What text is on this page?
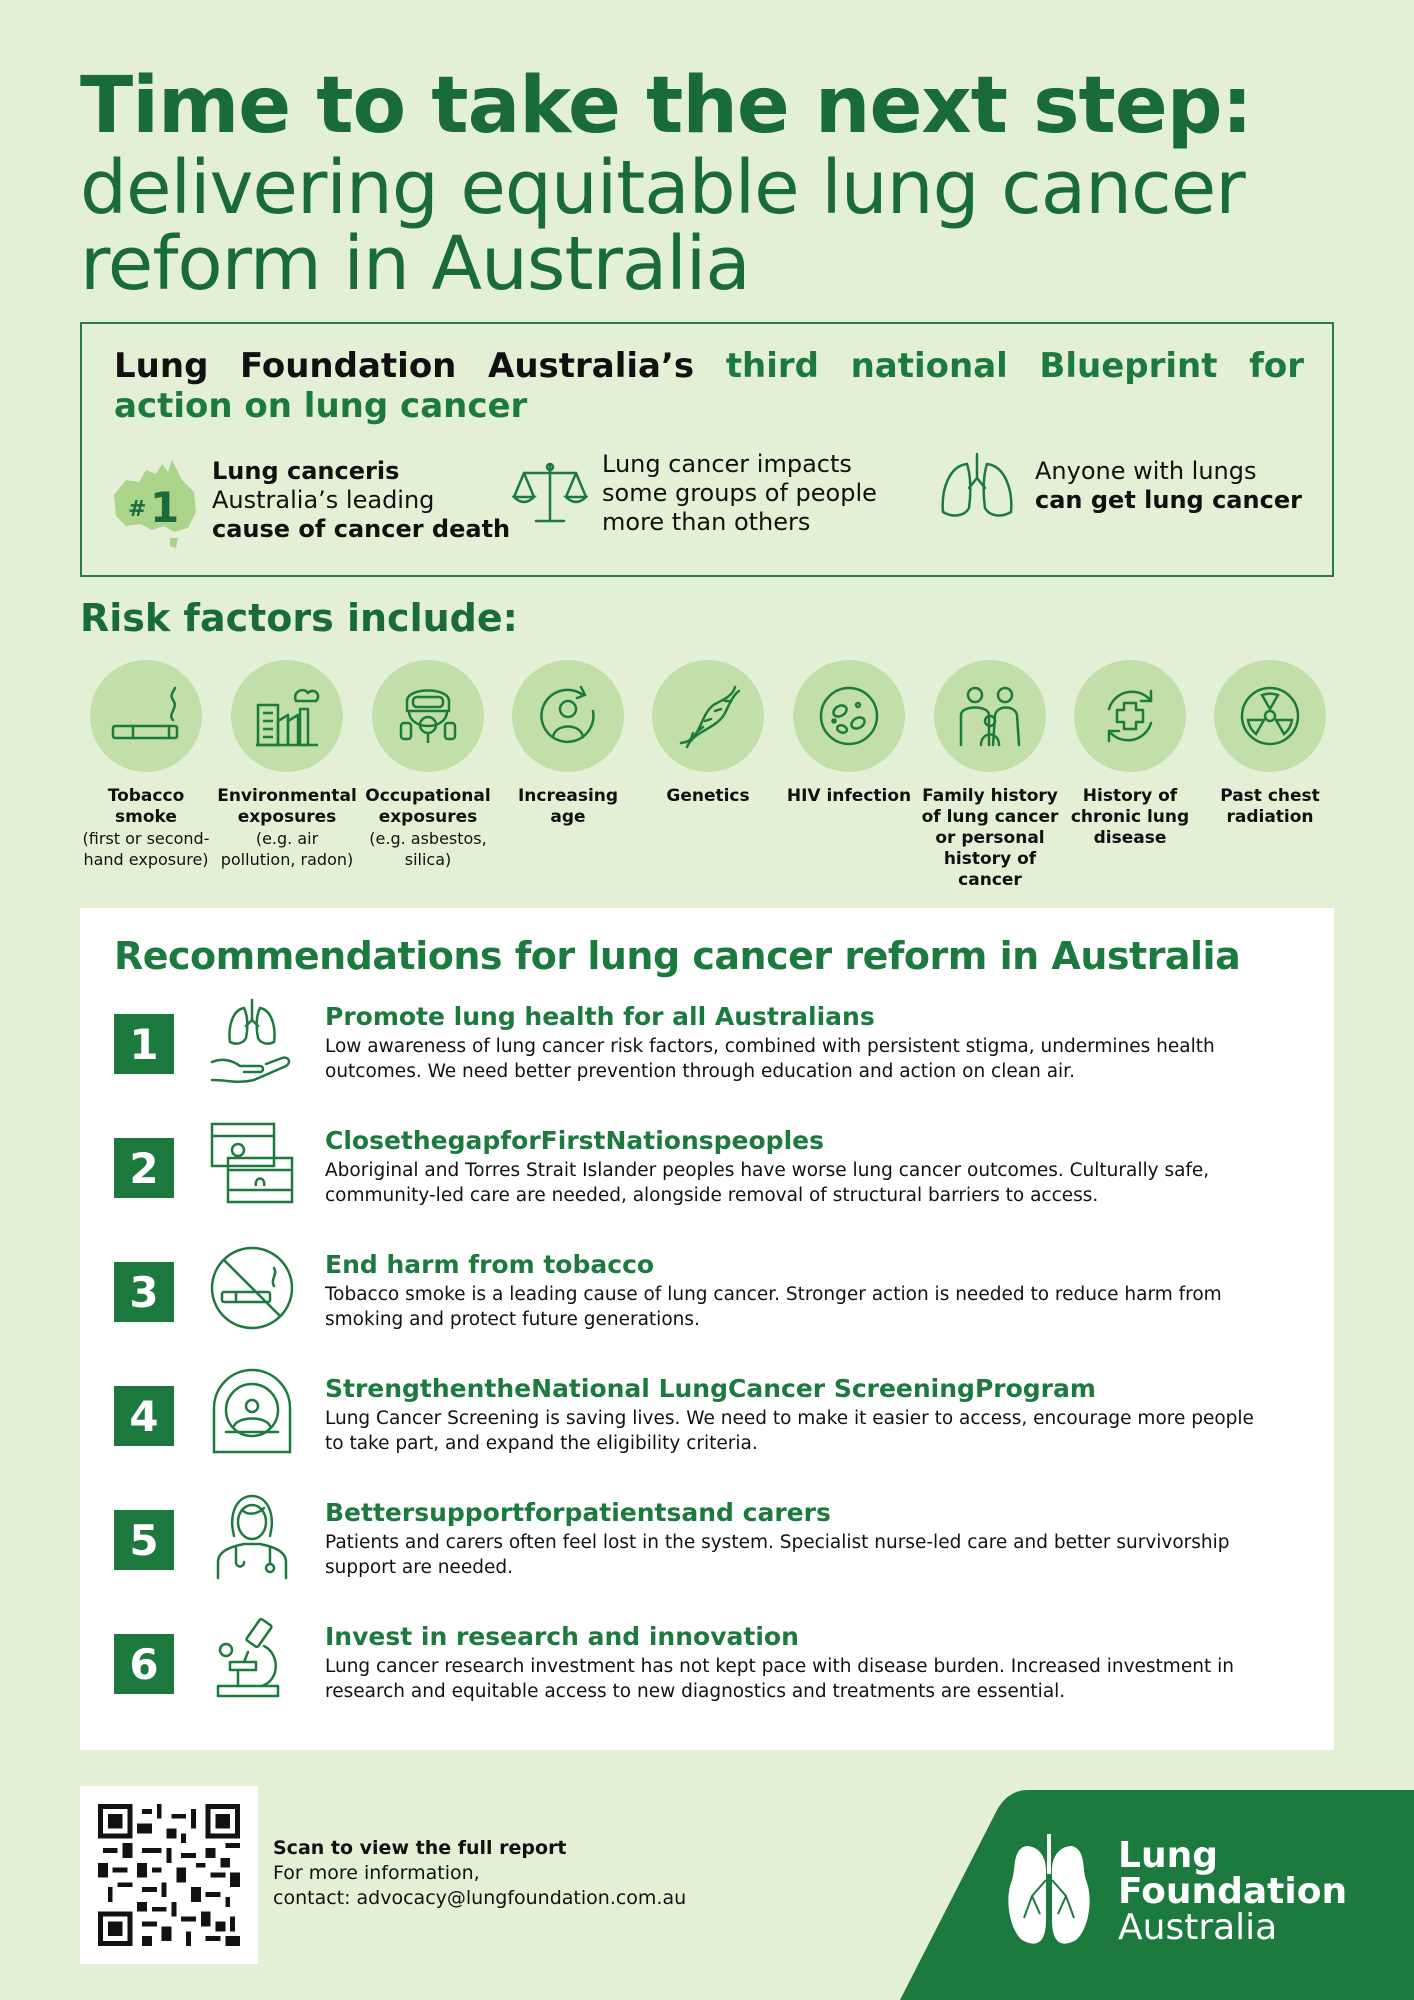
Time to take the next step:
delivering equitable lung cancer
reform in Australia
Lung Foundation Australia’s third national Blueprint for action on lung cancer
# 1
Lung canceris
Australia’s leading
cause of cancer death
Lung cancer impacts
some groups of people
more than others
Anyone with lungs
can get lung cancer
Risk factors include:
Tobacco smoke
(first or second-hand exposure)
Environmental exposures
(e.g. air pollution, radon)
Occupational exposures
(e.g. asbestos, silica)
Increasing age
Genetics	HIV infection Family history of lung cancer or personal history of cancer
History of chronic lung disease
Past chest radiation
Recommendations for lung cancer reform in Australia
1
Promote lung health for all Australians
Low awareness of lung cancer risk factors, combined with persistent stigma, undermines health outcomes. We need better prevention through education and action on clean air.
2
ClosethegapforFirstNationspeoples
Aboriginal and Torres Strait Islander peoples have worse lung cancer outcomes. Culturally safe, community-led care are needed, alongside removal of structural barriers to access.
3
End harm from tobacco
Tobacco smoke is a leading cause of lung cancer. Stronger action is needed to reduce harm from smoking and protect future generations.
4
StrengthentheNational LungCancer ScreeningProgram
Lung Cancer Screening is saving lives. We need to make it easier to access, encourage more people to take part, and expand the eligibility criteria.
5
Bettersupportforpatientsand carers
Patients and carers often feel lost in the system. Specialist nurse-led care and better survivorship support are needed.
6
Invest in research and innovation
Lung cancer research investment has not kept pace with disease burden. Increased investment in research and equitable access to new diagnostics and treatments are essential.
Scan to view the full report
For more information,
contact: advocacy@lungfoundation.com.au
Lung
Foundation
Australia
